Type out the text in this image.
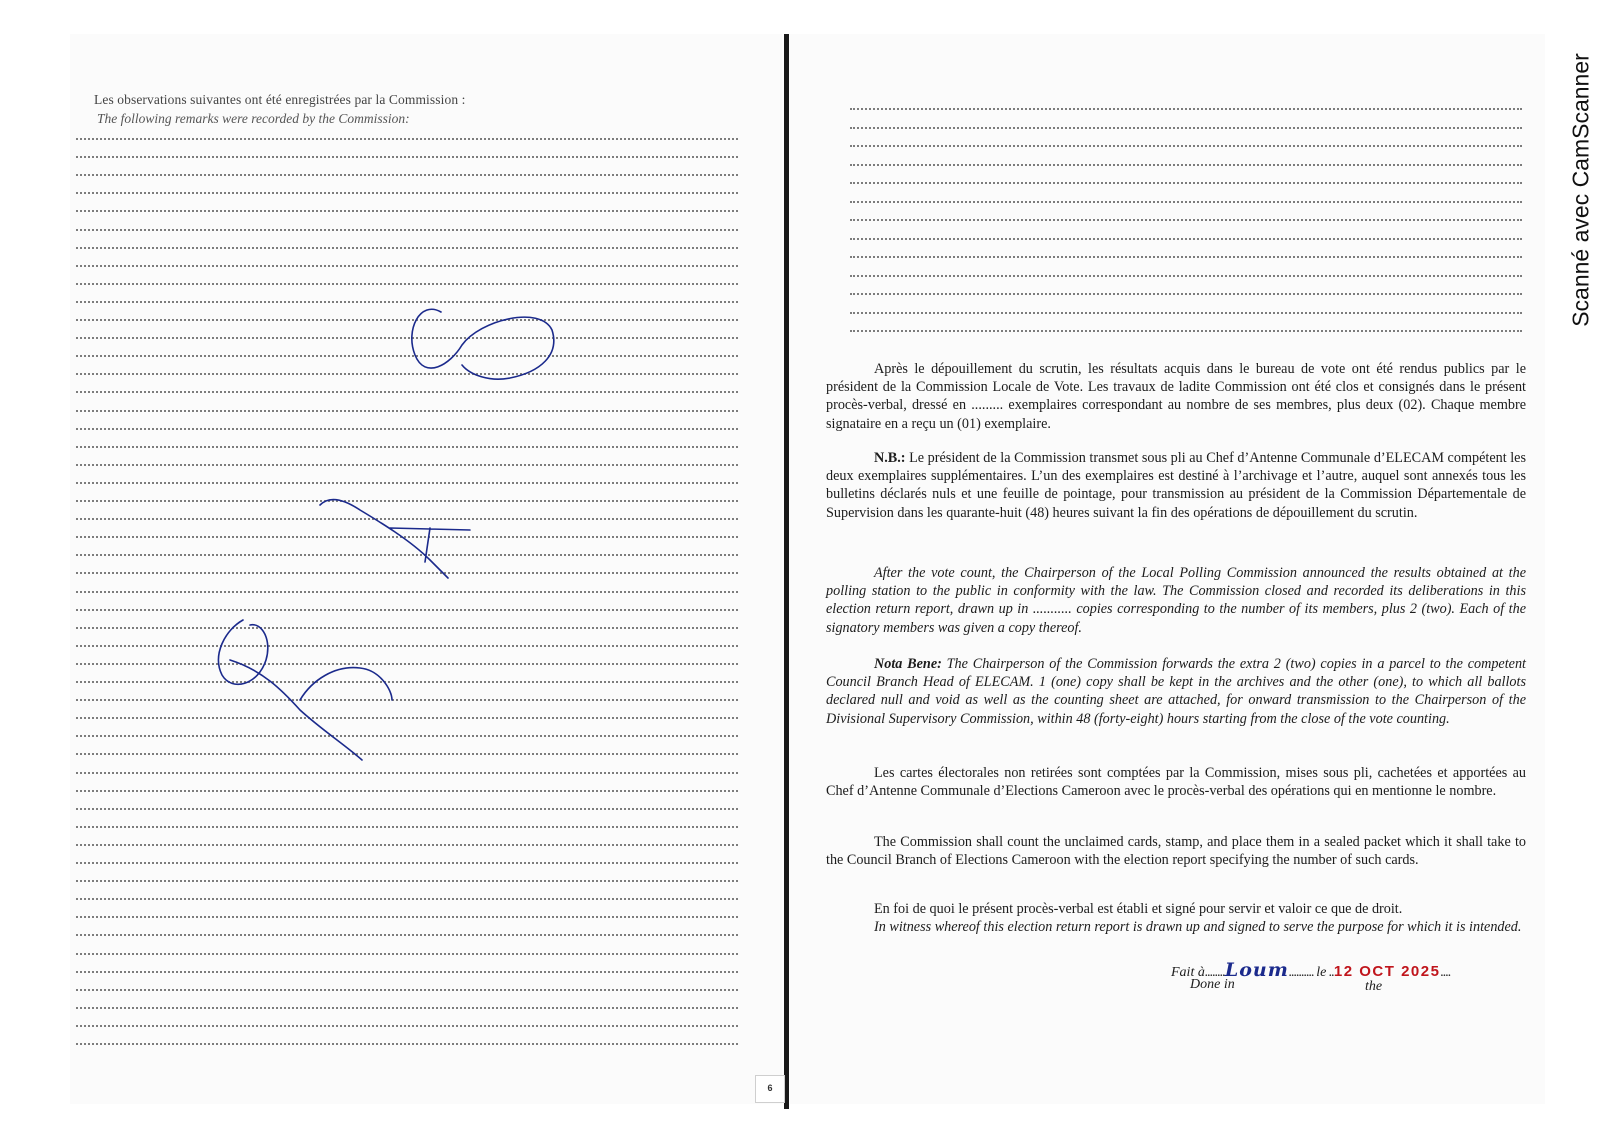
Les observations suivantes ont été enregistrées par la Commission :
The following remarks were recorded by the Commission:
6

Après le dépouillement du scrutin, les résultats acquis dans le bureau de vote ont été rendus publics par le président de la Commission Locale de Vote. Les travaux de ladite Commission ont été clos et consignés dans le présent procès-verbal, dressé en ......... exemplaires correspondant au nombre de ses membres, plus deux (02). Chaque membre signataire en a reçu un (01) exemplaire.

N.B.: Le président de la Commission transmet sous pli au Chef d’Antenne Communale d’ELECAM compétent les deux exemplaires supplémentaires. L’un des exemplaires est destiné à l’archivage et l’autre, auquel sont annexés tous les bulletins déclarés nuls et une feuille de pointage, pour transmission au président de la Commission Départementale de Supervision dans les quarante-huit (48) heures suivant la fin des opérations de dépouillement du scrutin.

After the vote count, the Chairperson of the Local Polling Commission announced the results obtained at the polling station to the public in conformity with the law. The Commission closed and recorded its deliberations in this election return report, drawn up in ........... copies corresponding to the number of its members, plus 2 (two). Each of the signatory members was given a copy thereof.

Nota Bene: The Chairperson of the Commission forwards the extra 2 (two) copies in a parcel to the competent Council Branch Head of ELECAM. 1 (one) copy shall be kept in the archives and the other (one), to which all ballots declared null and void as well as the counting sheet are attached, for onward transmission to the Chairperson of the Divisional Supervisory Commission, within 48 (forty-eight) hours starting from the close of the vote counting.

Les cartes électorales non retirées sont comptées par la Commission, mises sous pli, cachetées et apportées au Chef d’Antenne Communale d’Elections Cameroon avec le procès-verbal des opérations qui en mentionne le nombre.

The Commission shall count the unclaimed cards, stamp, and place them in a sealed packet which it shall take to the Council Branch of Elections Cameroon with the election report specifying the number of such cards.

En foi de quoi le présent procès-verbal est établi et signé pour servir et valoir ce que de droit.
In witness whereof this election return report is drawn up and signed to serve the purpose for which it is intended.

Fait à........Loum.......... le ..12 OCT 2025....
Done in	the
Scanné avec CamScanner
